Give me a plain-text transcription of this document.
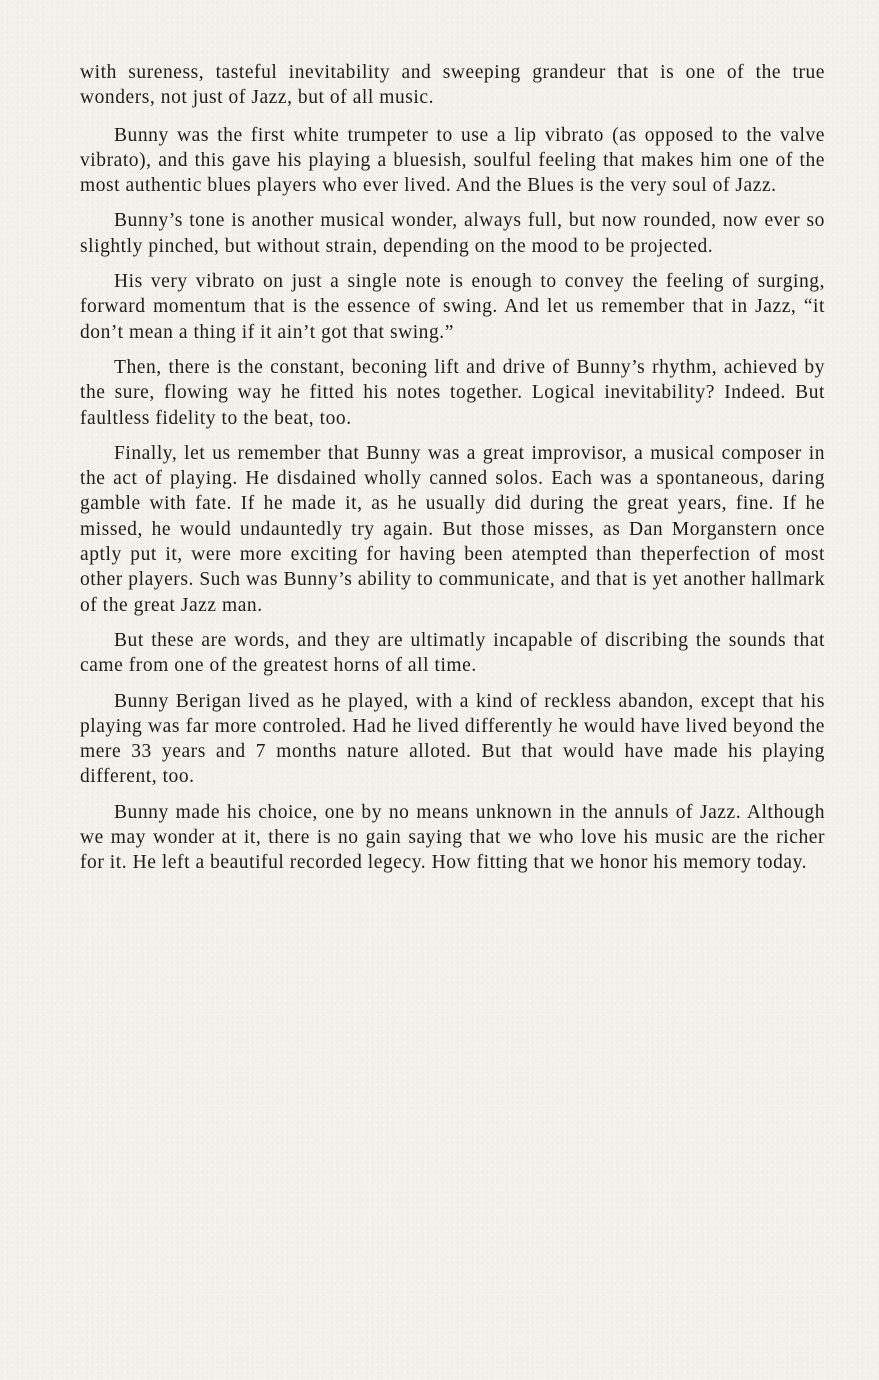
with sureness, tasteful inevitability and sweeping grandeur that is one of the true wonders, not just of Jazz, but of all music.

Bunny was the first white trumpeter to use a lip vibrato (as opposed to the valve vibrato), and this gave his playing a bluesish, soulful feeling that makes him one of the most authentic blues players who ever lived. And the Blues is the very soul of Jazz.

Bunny’s tone is another musical wonder, always full, but now rounded, now ever so slightly pinched, but without strain, depending on the mood to be projected.

His very vibrato on just a single note is enough to convey the feeling of surging, forward momentum that is the essence of swing. And let us remember that in Jazz, “it don’t mean a thing if it ain’t got that swing.”

Then, there is the constant, beconing lift and drive of Bunny’s rhythm, achieved by the sure, flowing way he fitted his notes together. Logical inevitability? Indeed. But faultless fidelity to the beat, too.

Finally, let us remember that Bunny was a great improvisor, a musical composer in the act of playing. He disdained wholly canned solos. Each was a spontaneous, daring gamble with fate. If he made it, as he usually did during the great years, fine. If he missed, he would undauntedly try again. But those misses, as Dan Morganstern once aptly put it, were more exciting for having been atempted than theperfection of most other players. Such was Bunny’s ability to communicate, and that is yet another hallmark of the great Jazz man.

But these are words, and they are ultimatly incapable of discribing the sounds that came from one of the greatest horns of all time.

Bunny Berigan lived as he played, with a kind of reckless abandon, except that his playing was far more controled. Had he lived differently he would have lived beyond the mere 33 years and 7 months nature alloted. But that would have made his playing different, too.

Bunny made his choice, one by no means unknown in the annuls of Jazz. Although we may wonder at it, there is no gain saying that we who love his music are the richer for it. He left a beautiful recorded legecy. How fitting that we honor his memory today.
